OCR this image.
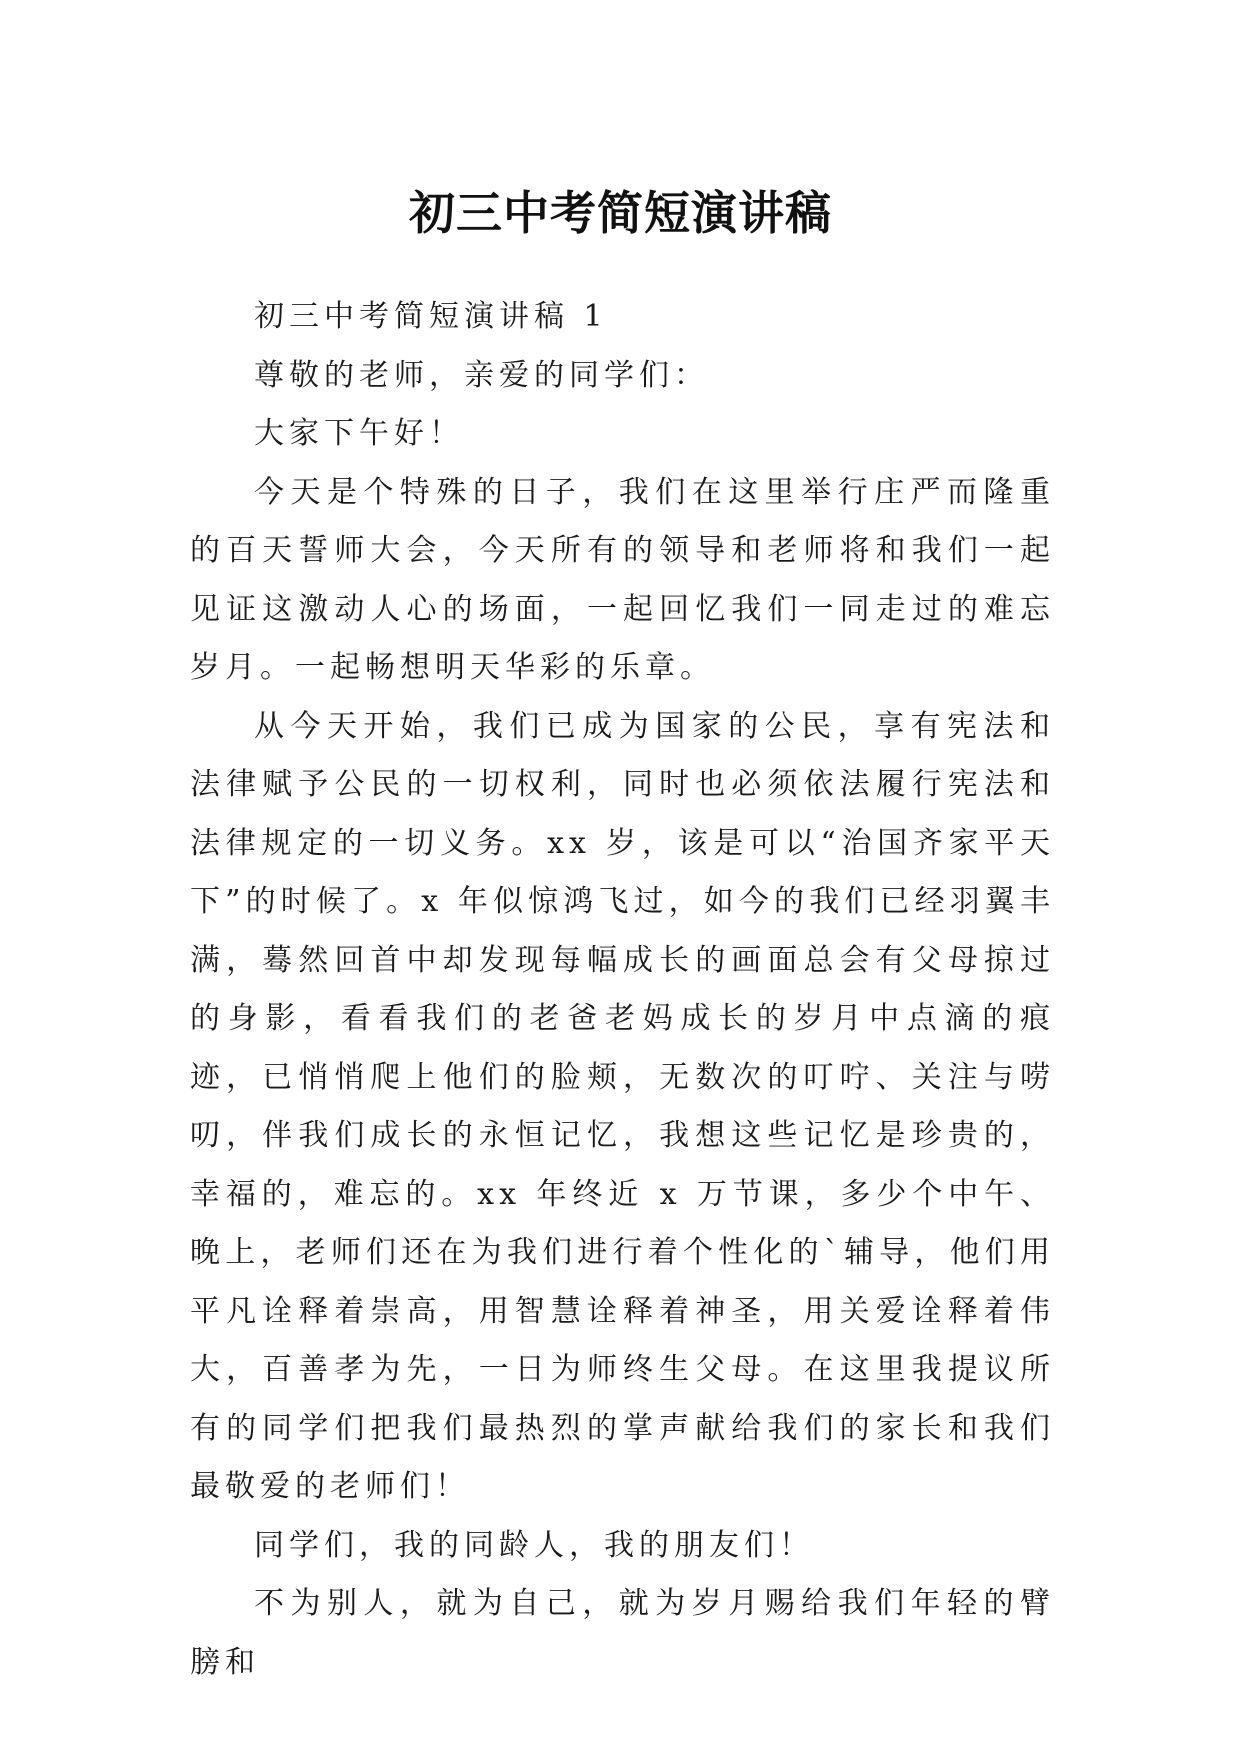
初三中考简短演讲稿

初三中考简短演讲稿 1

尊敬的老师，亲爱的同学们：

大家下午好！

今天是个特殊的日子，我们在这里举行庄严而隆重的百天誓师大会，今天所有的领导和老师将和我们一起见证这激动人心的场面，一起回忆我们一同走过的难忘岁月。一起畅想明天华彩的乐章。

从今天开始，我们已成为国家的公民，享有宪法和法律赋予公民的一切权利，同时也必须依法履行宪法和法律规定的一切义务。xx 岁，该是可以“治国齐家平天下”的时候了。x 年似惊鸿飞过，如今的我们已经羽翼丰满，蓦然回首中却发现每幅成长的画面总会有父母掠过的身影，看看我们的老爸老妈成长的岁月中点滴的痕迹，已悄悄爬上他们的脸颊，无数次的叮咛、关注与唠叨，伴我们成长的永恒记忆，我想这些记忆是珍贵的，幸福的，难忘的。xx 年终近 x 万节课，多少个中午、晚上，老师们还在为我们进行着个性化的`辅导，他们用平凡诠释着崇高，用智慧诠释着神圣，用关爱诠释着伟大，百善孝为先，一日为师终生父母。在这里我提议所有的同学们把我们最热烈的掌声献给我们的家长和我们最敬爱的老师们！

同学们，我的同龄人，我的朋友们！

不为别人，就为自己，就为岁月赐给我们年轻的臂膀和
